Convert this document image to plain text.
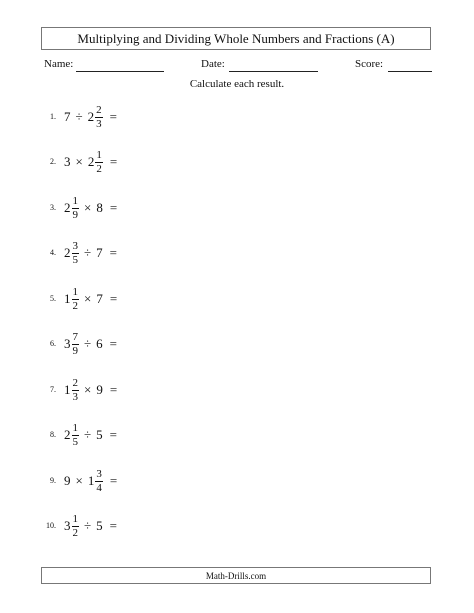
Multiplying and Dividing Whole Numbers and Fractions (A)
Name:	Date:	Score:
Calculate each result.
1. $7 \div 2 \frac{2}{3}$ =
2. $3 \times 2 \frac{1}{2}$ =
3. $2 \frac{1}{9} \times 8$ =
4. $2 \frac{3}{5} \div 7$ =
5. $1 \frac{1}{2} \times 7$ =
6. $3 \frac{7}{9} \div 6$ =
7. $1 \frac{2}{3} \times 9$ =
8. $2 \frac{1}{5} \div 5$ =
9. $9 \times 1 \frac{3}{4}$ =
10. $3 \frac{1}{2} \div 5$ =
Math-Drills.com
